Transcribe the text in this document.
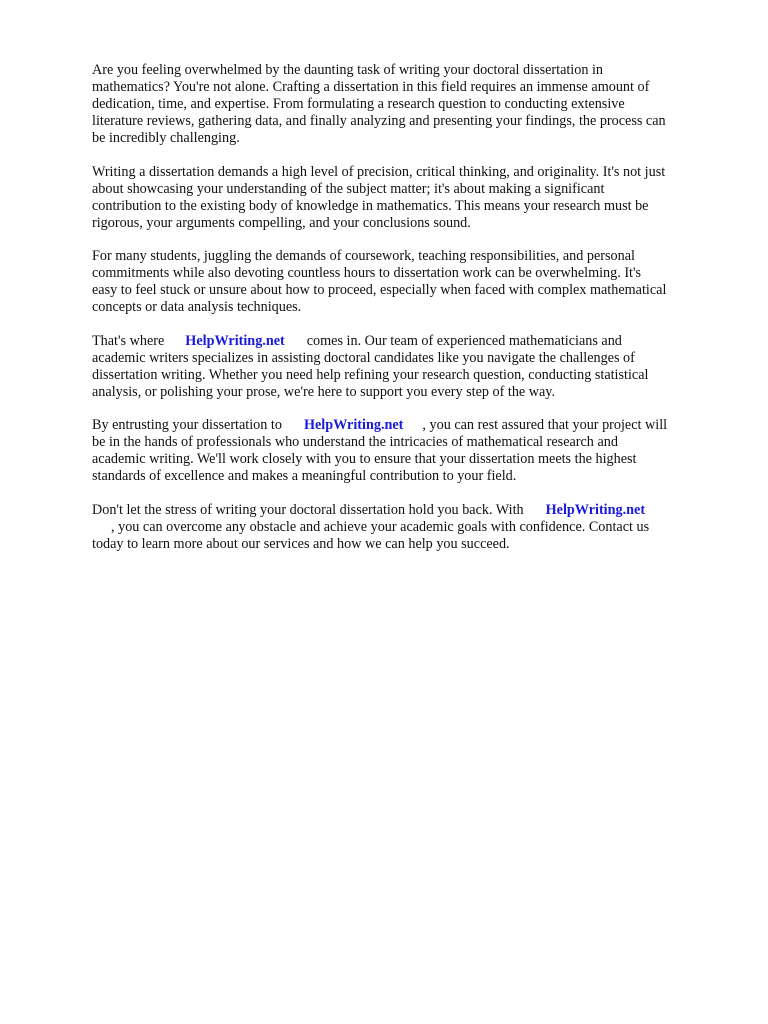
Are you feeling overwhelmed by the daunting task of writing your doctoral dissertation in
mathematics? You're not alone. Crafting a dissertation in this field requires an immense amount of
dedication, time, and expertise. From formulating a research question to conducting extensive
literature reviews, gathering data, and finally analyzing and presenting your findings, the process can
be incredibly challenging.

Writing a dissertation demands a high level of precision, critical thinking, and originality. It's not just
about showcasing your understanding of the subject matter; it's about making a significant
contribution to the existing body of knowledge in mathematics. This means your research must be
rigorous, your arguments compelling, and your conclusions sound.

For many students, juggling the demands of coursework, teaching responsibilities, and personal
commitments while also devoting countless hours to dissertation work can be overwhelming. It's
easy to feel stuck or unsure about how to proceed, especially when faced with complex mathematical
concepts or data analysis techniques.

That's where HelpWriting.net comes in. Our team of experienced mathematicians and
academic writers specializes in assisting doctoral candidates like you navigate the challenges of
dissertation writing. Whether you need help refining your research question, conducting statistical
analysis, or polishing your prose, we're here to support you every step of the way.

By entrusting your dissertation to HelpWriting.net , you can rest assured that your project will
be in the hands of professionals who understand the intricacies of mathematical research and
academic writing. We'll work closely with you to ensure that your dissertation meets the highest
standards of excellence and makes a meaningful contribution to your field.

Don't let the stress of writing your doctoral dissertation hold you back. With HelpWriting.net
, you can overcome any obstacle and achieve your academic goals with confidence. Contact us
today to learn more about our services and how we can help you succeed.
